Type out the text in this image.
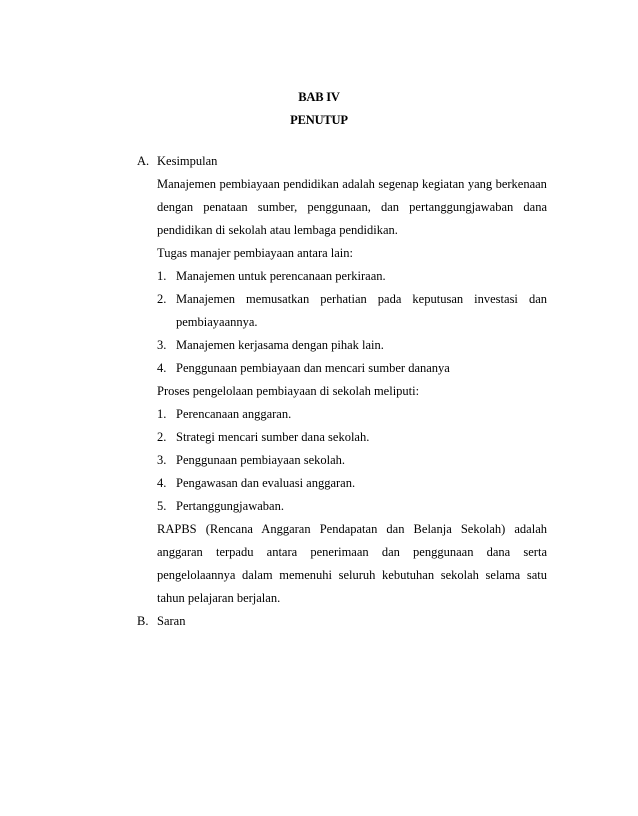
BAB IV
PENUTUP
A. Kesimpulan
Manajemen pembiayaan pendidikan adalah segenap kegiatan yang berkenaan
dengan penataan sumber, penggunaan, dan pertanggungjawaban dana
pendidikan di sekolah atau lembaga pendidikan.
Tugas manajer pembiayaan antara lain:
1. Manajemen untuk perencanaan perkiraan.
2. Manajemen memusatkan perhatian pada keputusan investasi dan
pembiayaannya.
3. Manajemen kerjasama dengan pihak lain.
4. Penggunaan pembiayaan dan mencari sumber dananya
Proses pengelolaan pembiayaan di sekolah meliputi:
1. Perencanaan anggaran.
2. Strategi mencari sumber dana sekolah.
3. Penggunaan pembiayaan sekolah.
4. Pengawasan dan evaluasi anggaran.
5. Pertanggungjawaban.
RAPBS (Rencana Anggaran Pendapatan dan Belanja Sekolah) adalah
anggaran terpadu antara penerimaan dan penggunaan dana serta
pengelolaannya dalam memenuhi seluruh kebutuhan sekolah selama satu
tahun pelajaran berjalan.
B. Saran
